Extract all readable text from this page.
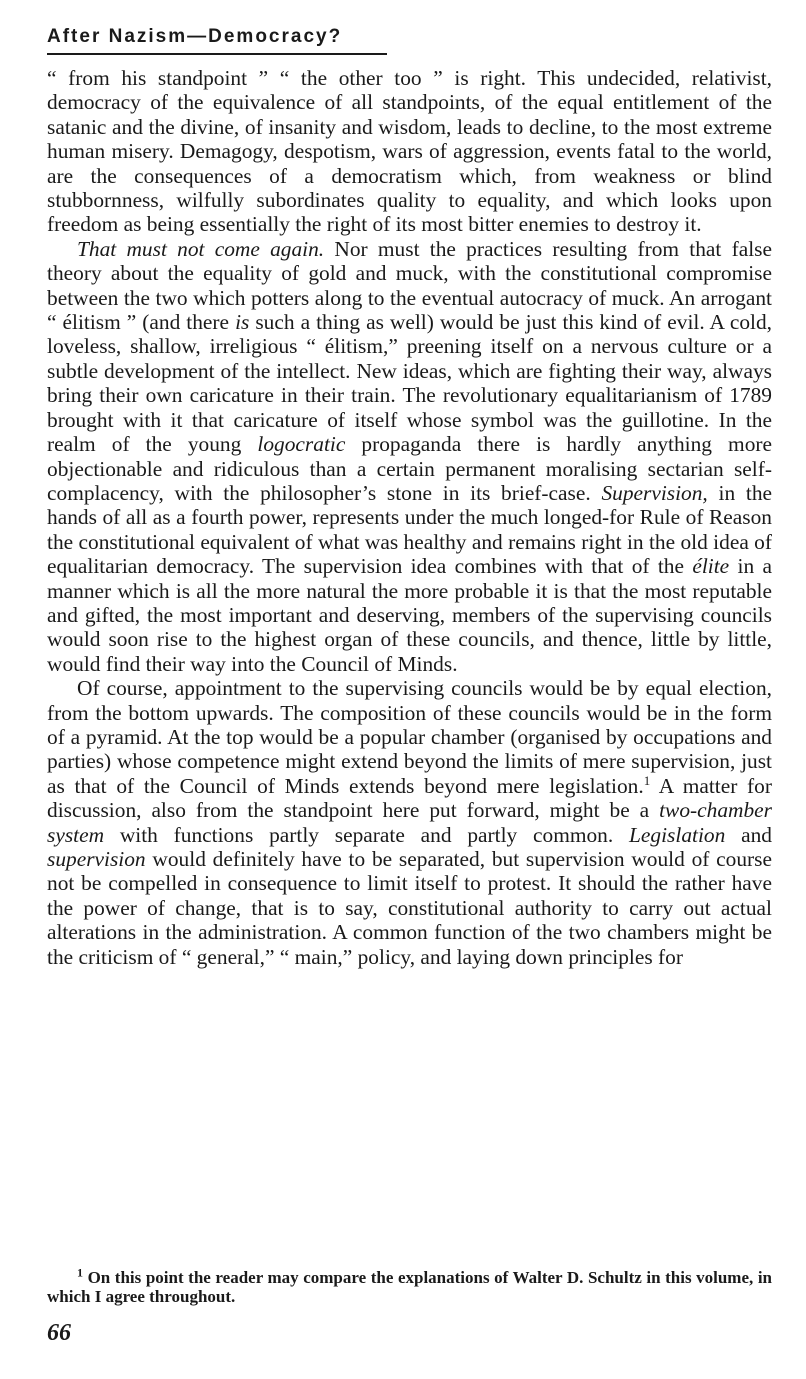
After Nazism—Democracy?

“ from his standpoint ” “ the other too ” is right. This undecided, relativist, democracy of the equivalence of all standpoints, of the equal entitlement of the satanic and the divine, of insanity and wisdom, leads to decline, to the most extreme human misery. Demagogy, despotism, wars of aggression, events fatal to the world, are the consequences of a democratism which, from weakness or blind stubbornness, wilfully subordinates quality to equality, and which looks upon freedom as being essentially the right of its most bitter enemies to destroy it.

That must not come again. Nor must the practices resulting from that false theory about the equality of gold and muck, with the constitutional compromise between the two which potters along to the eventual autocracy of muck. An arrogant “ élitism ” (and there is such a thing as well) would be just this kind of evil. A cold, loveless, shallow, irreligious “ élitism,” preening itself on a nervous culture or a subtle development of the intellect. New ideas, which are fighting their way, always bring their own caricature in their train. The revolutionary equalitarianism of 1789 brought with it that caricature of itself whose symbol was the guillotine. In the realm of the young logocratic propaganda there is hardly anything more objectionable and ridiculous than a certain permanent moralising sectarian self-complacency, with the philosopher’s stone in its brief-case. Supervision, in the hands of all as a fourth power, represents under the much longed-for Rule of Reason the constitutional equivalent of what was healthy and remains right in the old idea of equalitarian democracy. The supervision idea combines with that of the élite in a manner which is all the more natural the more probable it is that the most reputable and gifted, the most important and deserving, members of the supervising councils would soon rise to the highest organ of these councils, and thence, little by little, would find their way into the Council of Minds.

Of course, appointment to the supervising councils would be by equal election, from the bottom upwards. The composition of these councils would be in the form of a pyramid. At the top would be a popular chamber (organised by occupations and parties) whose competence might extend beyond the limits of mere supervision, just as that of the Council of Minds extends beyond mere legislation.$^1$ A matter for discussion, also from the standpoint here put forward, might be a two-chamber system with functions partly separate and partly common. Legislation and supervision would definitely have to be separated, but supervision would of course not be compelled in consequence to limit itself to protest. It should the rather have the power of change, that is to say, constitutional authority to carry out actual alterations in the administration. A common function of the two chambers might be the criticism of “ general,” “ main,” policy, and laying down principles for

$^1$ On this point the reader may compare the explanations of Walter D. Schultz in this volume, in which I agree throughout.

66
